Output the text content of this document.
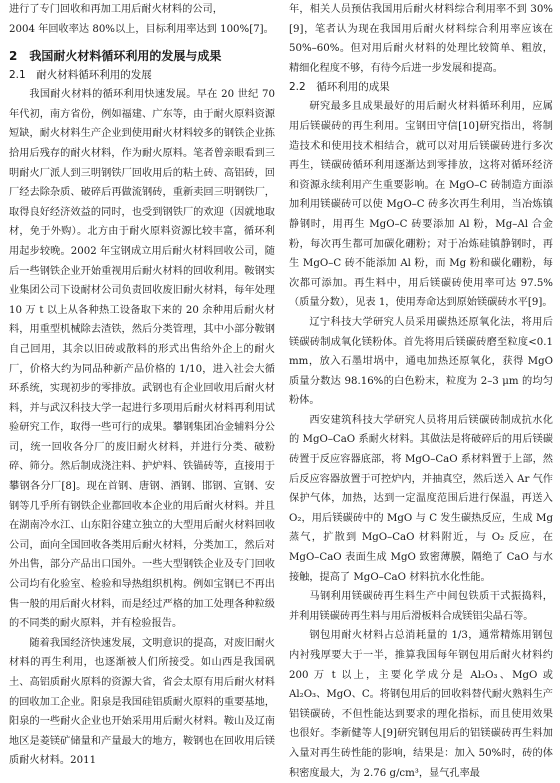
进行了专门回收和再加工用后耐火材料的公司，

2004 年回收率达 80%以上，目标利用率达到 100%[7]。

2　我国耐火材料循环利用的发展与成果
2.1　耐火材料循环利用的发展

我国耐火材料的循环利用快速发展。早在 20 世纪 70 年代初，南方省份，例如福建、广东等，由于耐火原料资源短缺，耐火材料生产企业到使用耐火材料较多的钢铁企业拣拾用后残存的耐火材料，作为耐火原料。笔者曾亲眼看到三明耐火厂派人到三明钢铁厂回收用后的粘土砖、高铝砖，回厂经去除杂质、破碎后再做流钢砖，重新卖回三明钢铁厂，取得良好经济效益的同时，也受到钢铁厂的欢迎（因就地取材，免于外购）。北方由于耐火原料资源比较丰富，循环利用起步较晚。2002 年宝钢成立用后耐火材料回收公司，随后一些钢铁企业开始重视用后耐火材料的回收利用。鞍钢实业集团公司下设耐材公司负责回收废旧耐火材料，每年处理 10 万 t 以上从各种热工设备取下来的 20 余种用后耐火材料，用重型机械除去渣铁，然后分类管理，其中小部分鞍钢自己回用，其余以旧砖或散料的形式出售给外企上的耐火厂，价格大约为同品种新产品价格的 1/10，进入社会大循环系统，实现初步的零排放。武钢也有企业回收用后耐火材料，并与武汉科技大学一起进行多项用后耐火材料再利用试验研究工作，取得一些可行的成果。攀钢集团冶金辅料分公司，统一回收各分厂的废旧耐火材料，并进行分类、破粉碎、筛分。然后制成浇注料、护炉料、铁锚砖等，直接用于攀钢各分厂[8]。现在首钢、唐钢、酒钢、邯钢、宣钢、安钢等几乎所有钢铁企业都回收本企业的用后耐火材料。并且在湖南冷水江、山东阳谷建立独立的大型用后耐火材料回收公司，面向全国回收各类用后耐火材料，分类加工，然后对外出售，部分产品出口国外。一些大型钢铁企业及专门回收公司均有化验室、检验和导热组织机构。例如宝钢已不再出售一般的用后耐火材料，而是经过严格的加工处理各种粒级的不同类的耐火原料，并有检验报告。

随着我国经济快速发展，文明意识的提高，对废旧耐火材料的再生利用，也逐渐被人们所接受。如山西是我国矾土、高铝质耐火原料的资源大省，省会太原有用后耐火材料的回收加工企业。阳泉是我国硅铝质耐火原料的重要基地，阳泉的一些耐火企业也开始采用用后耐火材料。鞍山及辽南地区是菱镁矿储量和产量最大的地方，鞍钢也在回收用后镁质耐火材料。2011

年，相关人员预估我国用后耐火材料综合利用率不到 30%[9]，笔者认为现在我国用后耐火材料综合利用率应该在 50%–60%。但对用后耐火材料的处理比较简单、粗放，精细化程度不够，有待今后进一步发展和提高。

2.2　循环利用的成果

研究最多且成果最好的用后耐火材料循环利用，应属用后镁碳砖的再生利用。宝钢田守信[10]研究指出，将制造技术和使用技术相结合，就可以对用后镁碳砖进行多次再生，镁碳砖循环利用逐渐达到零排放，这将对循环经济和资源永续利用产生重要影响。在 MgO–C 砖制造方面添加利用镁碳砖可以使 MgO–C 砖多次再生利用，当冶炼镇静钢时，用再生 MgO–C 砖要添加 Al 粉，Mg–Al 合金粉，每次再生都可加碳化硼粉；对于冶炼硅镇静钢时，再生 MgO–C 砖不能添加 Al 粉，而 Mg 粉和碳化硼粉，每次都可添加。再生料中，用后镁碳砖使用率可达 97.5%（质量分数），见表 1，使用寿命达到原始镁碳砖水平[9]。

辽宁科技大学研究人员采用碳热还原氧化法，将用后镁碳砖制成氧化镁粉体。首先将用后镁碳砖磨至粒度<0.1 mm，放入石墨坩埚中，通电加热还原氧化，获得 MgO 质量分数达 98.16%的白色粉末，粒度为 2–3 μm 的均匀粉体。

西安建筑科技大学研究人员将用后镁碳砖制成抗水化的 MgO–CaO 系耐火材料。其做法是将破碎后的用后镁碳砖置于反应容器底部，将 MgO–CaO 系材料置于上部，然后反应容器放置于可控炉内，并抽真空，然后送入 Ar 气作保护气体，加热，达到一定温度范围后进行保温，再送入 O₂，用后镁碳砖中的 MgO 与 C 发生碳热反应，生成 Mg 蒸气，扩散到 MgO–CaO 材料附近，与 O₂ 反应，在 MgO–CaO 表面生成 MgO 致密薄膜，隔绝了 CaO 与水接触，提高了 MgO–CaO 材料抗水化性能。

马钢利用镁碳砖再生料生产中间包铁质干式振捣料，并利用镁碳砖再生料与用后滑板料合成镁铝尖晶石等。

钢包用耐火材料占总消耗量的 1/3，通常精炼用钢包内衬残厚要大于一半，推算我国每年钢包用后耐火材料约 200 万 t 以上，主要化学成分是 Al₂O₃、MgO 或 Al₂O₃、MgO、C。将钢包用后的回收料替代耐火熟料生产铝镁碳砖，不但性能达到要求的理化指标，而且使用效果也很好。李新健等人[9]研究钢包用后的铝镁碳砖再生料加入量对再生砖性能的影响，结果是：加入 50%时，砖的体积密度最大，为 2.76 g/cm³，显气孔率最
